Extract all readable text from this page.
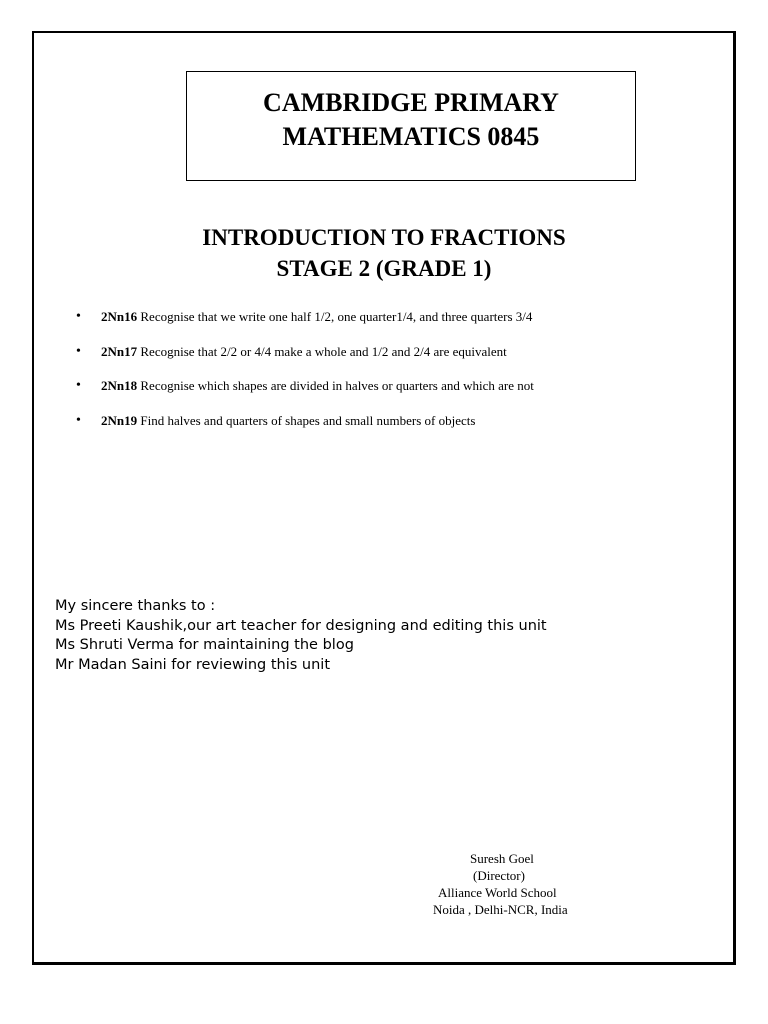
CAMBRIDGE PRIMARY

MATHEMATICS 0845

INTRODUCTION TO FRACTIONS
STAGE 2 (GRADE 1)
• 2Nn16 Recognise that we write one half 1/2, one quarter1/4, and three quarters 3/4
• 2Nn17 Recognise that 2/2 or 4/4 make a whole and 1/2 and 2/4 are equivalent
• 2Nn18 Recognise which shapes are divided in halves or quarters and which are not
• 2Nn19 Find halves and quarters of shapes and small numbers of objects
My sincere thanks to :
Ms Preeti Kaushik,our art teacher for designing and editing this unit
Ms Shruti Verma for maintaining the blog
Mr Madan Saini for reviewing this unit
Suresh Goel
(Director)
Alliance World School
Noida , Delhi-NCR, India
